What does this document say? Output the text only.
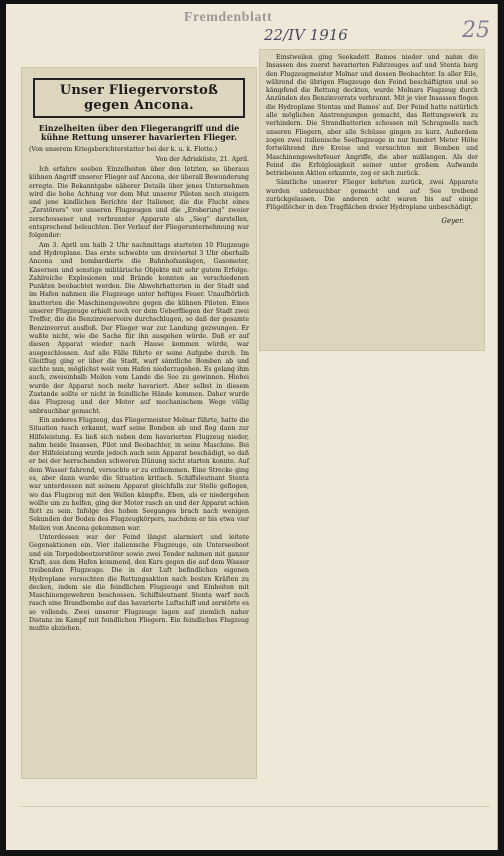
Fremdenblatt
22/IV 1916	25
Unser Fliegervorstoß gegen Ancona.
Einzelheiten über den Fliegerangriff und die kühne Rettung unserer havarierten Flieger.
(Von unserem Kriegsberichterstatter bei der k. u. k. Flotte.)
Von der Adriaküste, 21. April.

Ich erfahre soeben Einzelheiten über den letzten, so überaus kühnen Angriff unserer Flieger auf Ancona, der überall Bewunderung erregte. Die Bekanntgabe näherer Details über jenes Unternehmen wird die hohe Achtung vor dem Mut unserer Piloten noch steigern und jene kindlichen Berichte der Italiener, die die Flucht eines „Zerstörers“ vor unseren Flugzeugen und die „Eroberung“ zweier zerschossener und verbrannter Apparate als „Sieg“ darstellen, entsprechend beleuchten. Der Verlauf der Fliegerunternehmung war folgender:

Am 3. April um halb 2 Uhr nachmittags starteten 10 Flugzeuge und Hydroplane. Das erste schwebte um dreiviertel 3 Uhr oberhalb Ancona und bombardierte die Bahnhofsanlagen, Gasometer, Kasernen und sonstige militärische Objekte mit sehr gutem Erfolge. Zahlreiche Explosionen und Brände konnten an verschiedenen Punkten beobachtet werden. Die Abwehrbatterien in der Stadt und im Hafen nahmen die Flugzeuge unter heftiges Feuer. Unaufhörlich knatterten die Maschinengewehre gegen die kühnen Piloten. Eines unserer Flugzeuge erhielt noch vor dem Ueberfliegen der Stadt zwei Treffer, die die Benzinreservoire durchschlugen, so daß der gesamte Benzinvorrat ausfloß. Der Flieger war zur Landung gezwungen. Er wußte nicht, wie die Sache für ihn ausgehen würde. Daß er auf diesen Apparat wieder nach Hause kommen würde, war ausgeschlossen. Auf alle Fälle führte er seine Aufgabe durch. Im Gleitflug ging er über die Stadt, warf sämtliche Bomben ab und suchte nun, möglichst weit vom Hafen niederzugehen. Es gelang ihm auch, zweieinhalb Meilen vom Lande die See zu gewinnen. Hiebei wurde der Apparat noch mehr havariert. Aber selbst in diesem Zustande sollte er nicht in feindliche Hände kommen. Daher wurde das Flugzeug und der Motor auf mechanischem Wege völlig unbrauchbar gemacht.

Ein anderes Flugzeug, das Fliegermeister Molnar führte, hatte die Situation rasch erkannt, warf seine Bomben ab und flog dann zur Hilfeleistung. Es ließ sich neben dem havarierten Flugzeug nieder, nahm beide Insassen, Pilot und Beobachter, in seine Maschine. Bei der Hilfeleistung wurde jedoch auch sein Apparat beschädigt, so daß er bei der herrschenden schweren Dünung nicht starten konnte. Auf dem Wasser fahrend, versuchte er zu entkommen. Eine Strecke ging es, aber dann wurde die Situation kritisch. Schiffsleutnant Stenta war unterdessen mit seinem Apparat gleichfalls zur Stelle geflogen, wo das Flugzeug mit den Wellen kämpfte. Eben, als er niedergehen wollte um zu helfen, ging der Motor rasch an und der Apparat schien flott zu sein. Infolge des hohen Seeganges brach nach wenigen Sekunden der Boden des Flugzeugkörpers, nachdem er bis etwa vier Meilen von Ancona gekommen war.

Unterdessen war der Feind längst alarmiert und leitete Gegenaktionen ein. Vier italienische Flugzeuge, ein Unterseeboot und ein Torpedobootzerstörer sowie zwei Tender nahmen mit ganzer Kraft, aus dem Hafen kommend, den Kurs gegen die auf dem Wasser treibenden Flugzeuge. Die in der Luft befindlichen eigenen Hydroplane versuchten die Rettungsaktion nach besten Kräften zu decken, indem sie die feindlichen Flugzeuge und Einheiten mit Maschinengewehren beschossen. Schiffsleutnant Stenta warf noch rasch eine Brandbombe auf das havarierte Luftschiff und zerstörte es so vollends. Zwei unserer Flugzeuge lagen auf ziemlich naher Distanz im Kampf mit feindlichen Fliegern. Ein feindliches Flugzeug mußte abziehen.

Einstweilen ging Seekadett Bamos nieder und nahm die Insassen des zuerst havarierten Fahrzeuges auf und Stenta barg den Flugzeugmeister Molnar und dessen Beobachter. In aller Eile, während die übrigen Flugzeuge den Feind beschäftigten und so kämpfend die Rettung deckten, wurde Molnars Flugzeug durch Anzünden des Benzinvorrats verbrannt. Mit je vier Insassen flogen die Hydroplane Stentas und Bamos' auf. Der Feind hatte natürlich alle möglichen Anstrengungen gemacht, das Rettungswerk zu verhindern. Die Strandbatterien schossen mit Schrapnells nach unseren Fliegern, aber alle Schüsse gingen zu kurz. Außerdem zogen zwei italienische Seeflugzeuge in nur hundert Meter Höhe fortwährend ihre Kreise und versuchten mit Bomben und Maschinengewehrfeuer Angriffe, die aber mißlangen. Als der Feind die Erfolglosigkeit seiner unter großem Aufwande betriebenen Aktion erkannte, zog er sich zurück.

Sämtliche unserer Flieger kehrten zurück, zwei Apparate wurden unbrauchbar gemacht und auf See treibend zurückgelassen. Die anderen acht waren bis auf einige Flügellöcher in den Tragflächen dreier Hydroplane unbeschädigt.

Geyer.
